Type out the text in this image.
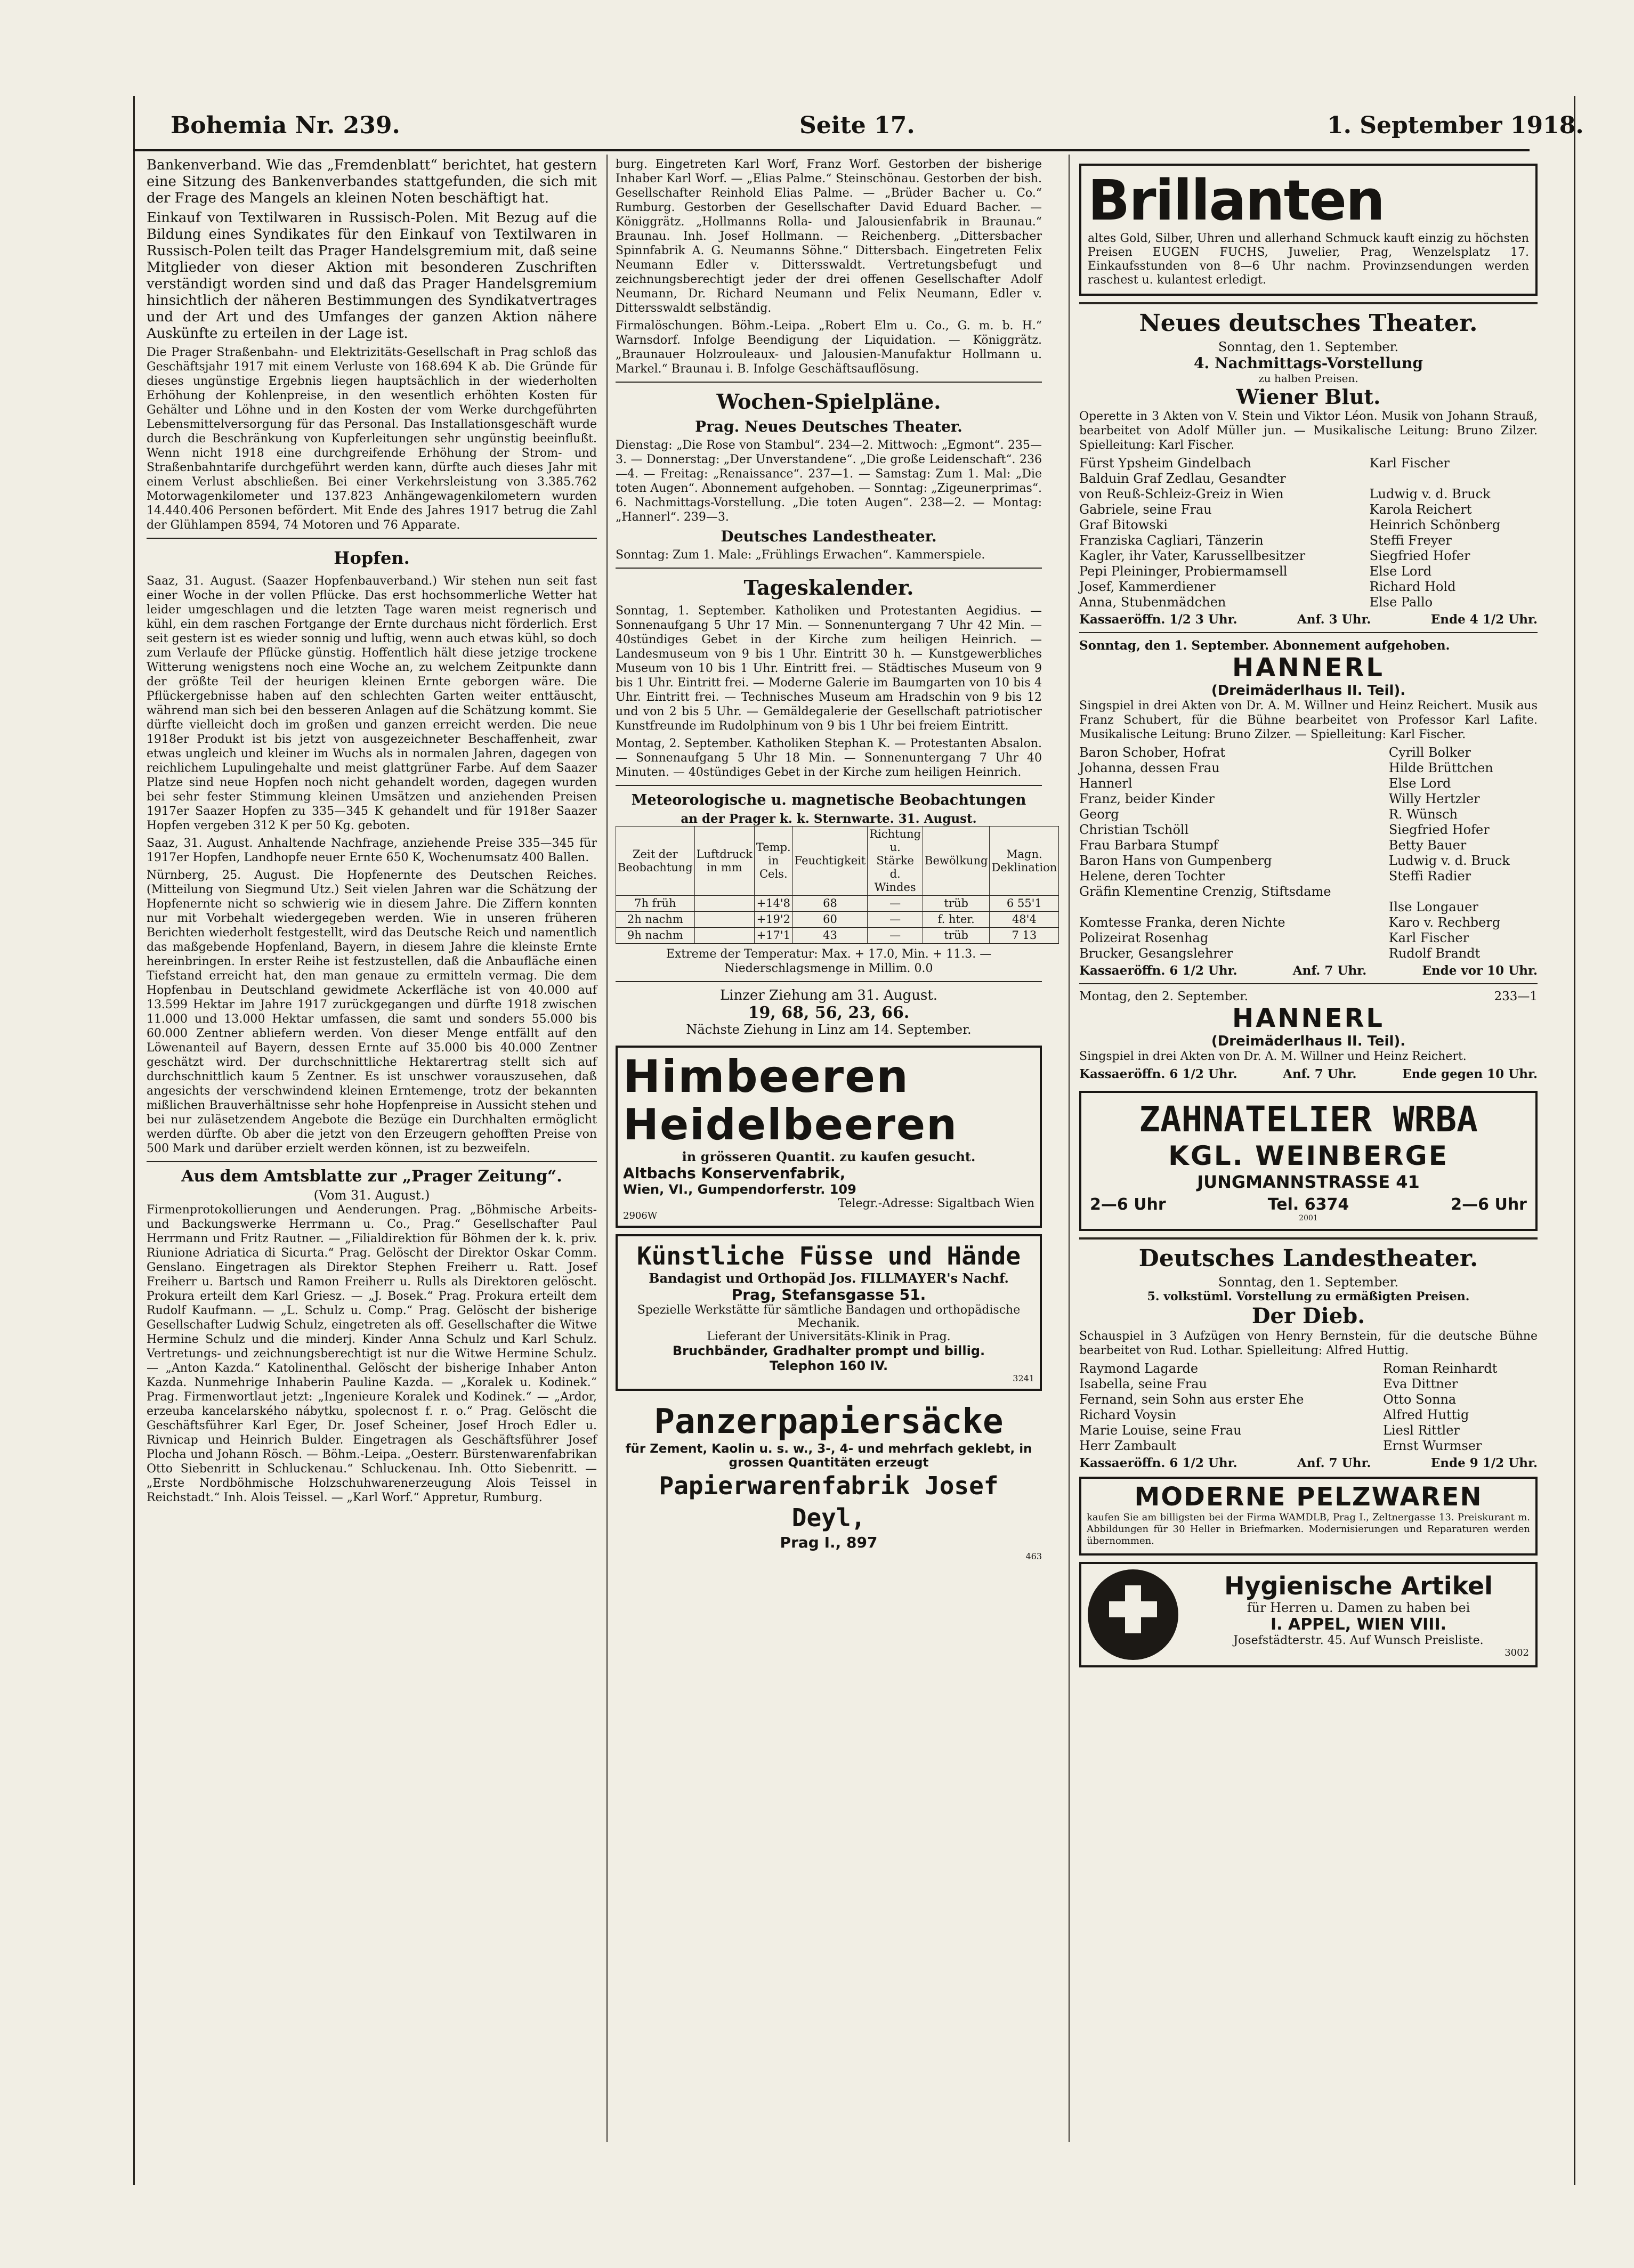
Bohemia Nr. 239.	Seite 17.	1. September 1918.

Bankenverband. Wie das „Fremdenblatt“ berichtet, hat gestern eine Sitzung des Bankenverbandes stattgefunden, die sich mit der Frage des Mangels an kleinen Noten beschäftigt hat.

Einkauf von Textilwaren in Russisch-Polen. Mit Bezug auf die Bildung eines Syndikates für den Einkauf von Textilwaren in Russisch-Polen teilt das Prager Handelsgremium mit, daß seine Mitglieder von dieser Aktion mit besonderen Zuschriften verständigt worden sind und daß das Prager Handelsgremium hinsichtlich der näheren Bestimmungen des Syndikatvertrages und der Art und des Umfanges der ganzen Aktion nähere Auskünfte zu erteilen in der Lage ist.

Die Prager Straßenbahn- und Elektrizitäts-Gesellschaft in Prag schloß das Geschäftsjahr 1917 mit einem Verluste von 168.694 K ab. Die Gründe für dieses ungünstige Ergebnis liegen hauptsächlich in der wiederholten Erhöhung der Kohlenpreise, in den wesentlich erhöhten Kosten für Gehälter und Löhne und in den Kosten der vom Werke durchgeführten Lebensmittelversorgung für das Personal. Das Installationsgeschäft wurde durch die Beschränkung von Kupferleitungen sehr ungünstig beeinflußt. Wenn nicht 1918 eine durchgreifende Erhöhung der Strom- und Straßenbahntarife durchgeführt werden kann, dürfte auch dieses Jahr mit einem Verlust abschließen. Bei einer Verkehrsleistung von 3.385.762 Motorwagenkilometer und 137.823 Anhängewagenkilometern wurden 14.440.406 Personen befördert. Mit Ende des Jahres 1917 betrug die Zahl der Glühlampen 8594, 74 Motoren und 76 Apparate.

Hopfen.

Saaz, 31. August. (Saazer Hopfenbauverband.) Wir stehen nun seit fast einer Woche in der vollen Pflücke. Das erst hochsommerliche Wetter hat leider umgeschlagen und die letzten Tage waren meist regnerisch und kühl, ein dem raschen Fortgange der Ernte durchaus nicht förderlich. Erst seit gestern ist es wieder sonnig und luftig, wenn auch etwas kühl, so doch zum Verlaufe der Pflücke günstig. Hoffentlich hält diese jetzige trockene Witterung wenigstens noch eine Woche an, zu welchem Zeitpunkte dann der größte Teil der heurigen kleinen Ernte geborgen wäre. Die Pflückergebnisse haben auf den schlechten Garten weiter enttäuscht, während man sich bei den besseren Anlagen auf die Schätzung kommt. Sie dürfte vielleicht doch im großen und ganzen erreicht werden. Die neue 1918er Produkt ist bis jetzt von ausgezeichneter Beschaffenheit, zwar etwas ungleich und kleiner im Wuchs als in normalen Jahren, dagegen von reichlichem Lupulingehalte und meist glattgrüner Farbe. Auf dem Saazer Platze sind neue Hopfen noch nicht gehandelt worden, dagegen wurden bei sehr fester Stimmung kleinen Umsätzen und anziehenden Preisen 1917er Saazer Hopfen zu 335—345 K gehandelt und für 1918er Saazer Hopfen vergeben 312 K per 50 Kg. geboten.

Saaz, 31. August. Anhaltende Nachfrage, anziehende Preise 335—345 für 1917er Hopfen, Landhopfe neuer Ernte 650 K, Wochenumsatz 400 Ballen.

Nürnberg, 25. August. Die Hopfenernte des Deutschen Reiches. (Mitteilung von Siegmund Utz.) Seit vielen Jahren war die Schätzung der Hopfenernte nicht so schwierig wie in diesem Jahre. Die Ziffern konnten nur mit Vorbehalt wiedergegeben werden. Wie in unseren früheren Berichten wiederholt festgestellt, wird das Deutsche Reich und namentlich das maßgebende Hopfenland, Bayern, in diesem Jahre die kleinste Ernte hereinbringen. In erster Reihe ist festzustellen, daß die Anbaufläche einen Tiefstand erreicht hat, den man genaue zu ermitteln vermag. Die dem Hopfenbau in Deutschland gewidmete Ackerfläche ist von 40.000 auf 13.599 Hektar im Jahre 1917 zurückgegangen und dürfte 1918 zwischen 11.000 und 13.000 Hektar umfassen, die samt und sonders 55.000 bis 60.000 Zentner abliefern werden. Von dieser Menge entfällt auf den Löwenanteil auf Bayern, dessen Ernte auf 35.000 bis 40.000 Zentner geschätzt wird. Der durchschnittliche Hektarertrag stellt sich auf durchschnittlich kaum 5 Zentner. Es ist unschwer vorauszusehen, daß angesichts der verschwindend kleinen Erntemenge, trotz der bekannten mißlichen Brauverhältnisse sehr hohe Hopfenpreise in Aussicht stehen und bei nur zuläsetzendem Angebote die Bezüge ein Durchhalten ermöglicht werden dürfte. Ob aber die jetzt von den Erzeugern gehofften Preise von 500 Mark und darüber erzielt werden können, ist zu bezweifeln.

Aus dem Amtsblatte zur „Prager Zeitung“.
(Vom 31. August.)

Firmenprotokollierungen und Aenderungen. Prag. „Böhmische Arbeits- und Backungswerke Herrmann u. Co., Prag.“ Gesellschafter Paul Herrmann und Fritz Rautner. — „Filialdirektion für Böhmen der k. k. priv. Riunione Adriatica di Sicurta.“ Prag. Gelöscht der Direktor Oskar Comm. Genslano. Eingetragen als Direktor Stephen Freiherr u. Ratt. Josef Freiherr u. Bartsch und Ramon Freiherr u. Rulls als Direktoren gelöscht. Prokura erteilt dem Karl Griesz. — „J. Bosek.“ Prag. Prokura erteilt dem Rudolf Kaufmann. — „L. Schulz u. Comp.“ Prag. Gelöscht der bisherige Gesellschafter Ludwig Schulz, eingetreten als off. Gesellschafter die Witwe Hermine Schulz und die minderj. Kinder Anna Schulz und Karl Schulz. Vertretungs- und zeichnungsberechtigt ist nur die Witwe Hermine Schulz. — „Anton Kazda.“ Katolinenthal. Gelöscht der bisherige Inhaber Anton Kazda. Nunmehrige Inhaberin Pauline Kazda. — „Koralek u. Kodinek.“ Prag. Firmenwortlaut jetzt: „Ingenieure Koralek und Kodinek.“ — „Ardor, erzeuba kancelarského nábytku, spolecnost f. r. o.“ Prag. Gelöscht die Geschäftsführer Karl Eger, Dr. Josef Scheiner, Josef Hroch Edler u. Rivnicap und Heinrich Bulder. Eingetragen als Geschäftsführer Josef Plocha und Johann Rösch. — Böhm.-Leipa. „Oesterr. Bürstenwarenfabrikan Otto Siebenritt in Schluckenau.“ Schluckenau. Inh. Otto Siebenritt. — „Erste Nordböhmische Holzschuhwarenerzeugung Alois Teissel in Reichstadt.“ Inh. Alois Teissel. — „Karl Worf.“ Appretur, Rumburg.

burg. Eingetreten Karl Worf, Franz Worf. Gestorben der bisherige Inhaber Karl Worf. — „Elias Palme.“ Steinschönau. Gestorben der bish. Gesellschafter Reinhold Elias Palme. — „Brüder Bacher u. Co.“ Rumburg. Gestorben der Gesellschafter David Eduard Bacher. — Königgrätz. „Hollmanns Rolla- und Jalousienfabrik in Braunau.“ Braunau. Inh. Josef Hollmann. — Reichenberg. „Dittersbacher Spinnfabrik A. G. Neumanns Söhne.“ Dittersbach. Eingetreten Felix Neumann Edler v. Dittersswaldt. Vertretungsbefugt und zeichnungsberechtigt jeder der drei offenen Gesellschafter Adolf Neumann, Dr. Richard Neumann und Felix Neumann, Edler v. Dittersswaldt selbständig.

Firmalöschungen. Böhm.-Leipa. „Robert Elm u. Co., G. m. b. H.“ Warnsdorf. Infolge Beendigung der Liquidation. — Königgrätz. „Braunauer Holzrouleaux- und Jalousien-Manufaktur Hollmann u. Markel.“ Braunau i. B. Infolge Geschäftsauflösung.

Wochen-Spielpläne.
Prag. Neues Deutsches Theater.

Dienstag: „Die Rose von Stambul“. 234—2. Mittwoch: „Egmont“. 235—3. — Donnerstag: „Der Unverstandene“. „Die große Leidenschaft“. 236—4. — Freitag: „Renaissance“. 237—1. — Samstag: Zum 1. Mal: „Die toten Augen“. Abonnement aufgehoben. — Sonntag: „Zigeunerprimas“. 6. Nachmittags-Vorstellung. „Die toten Augen“. 238—2. — Montag: „Hannerl“. 239—3.

Deutsches Landestheater.

Sonntag: Zum 1. Male: „Frühlings Erwachen“. Kammerspiele.

Tageskalender.

Sonntag, 1. September. Katholiken und Protestanten Aegidius. — Sonnenaufgang 5 Uhr 17 Min. — Sonnenuntergang 7 Uhr 42 Min. — 40stündiges Gebet in der Kirche zum heiligen Heinrich. — Landesmuseum von 9 bis 1 Uhr. Eintritt 30 h. — Kunstgewerbliches Museum von 10 bis 1 Uhr. Eintritt frei. — Städtisches Museum von 9 bis 1 Uhr. Eintritt frei. — Moderne Galerie im Baumgarten von 10 bis 4 Uhr. Eintritt frei. — Technisches Museum am Hradschin von 9 bis 12 und von 2 bis 5 Uhr. — Gemäldegalerie der Gesellschaft patriotischer Kunstfreunde im Rudolphinum von 9 bis 1 Uhr bei freiem Eintritt.

Montag, 2. September. Katholiken Stephan K. — Protestanten Absalon. — Sonnenaufgang 5 Uhr 18 Min. — Sonnenuntergang 7 Uhr 40 Minuten. — 40stündiges Gebet in der Kirche zum heiligen Heinrich.

Meteorologische u. magnetische Beobachtungen
an der Prager k. k. Sternwarte. 31. August.
Zeit der Beobachtung	Luftdruck in mm	Temp. in Cels.	Feuchtigkeit	Richtung u. Stärke d. Windes	Bewölkung	Magn. Deklination
7h früh		+14'8	68	—	trüb	6 55'1
2h nachm		+19'2	60	—	f. hter.	48'4
9h nachm		+17'1	43	—	trüb	7 13

Extreme der Temperatur: Max. + 17.0, Min. + 11.3. — Niederschlagsmenge in Millim. 0.0

Linzer Ziehung am 31. August.
19, 68, 56, 23, 66.
Nächste Ziehung in Linz am 14. September.
Himbeeren
Heidelbeeren
in grösseren Quantit. zu kaufen gesucht.
Altbachs Konservenfabrik,
Wien, VI., Gumpendorferstr. 109
Telegr.-Adresse: Sigaltbach Wien
2906W
Künstliche Füsse und Hände
Bandagist und Orthopäd Jos. FILLMAYER's Nachf.
Prag, Stefansgasse 51.
Spezielle Werkstätte für sämtliche Bandagen und orthopädische Mechanik.
Lieferant der Universitäts-Klinik in Prag.
Bruchbänder, Gradhalter prompt und billig.
Telephon 160 IV.
3241
Panzerpapiersäcke
für Zement, Kaolin u. s. w., 3-, 4- und mehrfach geklebt, in grossen Quantitäten erzeugt
Papierwarenfabrik Josef Deyl,
Prag I., 897
463
Brillanten

altes Gold, Silber, Uhren und allerhand Schmuck kauft einzig zu höchsten Preisen EUGEN FUCHS, Juwelier, Prag, Wenzelsplatz 17. Einkaufsstunden von 8—6 Uhr nachm. Provinzsendungen werden raschest u. kulantest erledigt.

Neues deutsches Theater.
Sonntag, den 1. September.
4. Nachmittags-Vorstellung
zu halben Preisen.
Wiener Blut.

Operette in 3 Akten von V. Stein und Viktor Léon. Musik von Johann Strauß, bearbeitet von Adolf Müller jun. — Musikalische Leitung: Bruno Zilzer. Spielleitung: Karl Fischer.

Fürst Ypsheim Gindelbach	Karl Fischer
Balduin Graf Zedlau, Gesandter	
von Reuß-Schleiz-Greiz in Wien	Ludwig v. d. Bruck
Gabriele, seine Frau	Karola Reichert
Graf Bitowski	Heinrich Schönberg
Franziska Cagliari, Tänzerin	Steffi Freyer
Kagler, ihr Vater, Karussellbesitzer	Siegfried Hofer
Pepi Pleininger, Probiermamsell	Else Lord
Josef, Kammerdiener	Richard Hold
Anna, Stubenmädchen	Else Pallo
Kassaeröffn. 1/2 3 Uhr.	Anf. 3 Uhr.	Ende 4 1/2 Uhr.
Sonntag, den 1. September. Abonnement aufgehoben.
HANNERL
(Dreimäderlhaus II. Teil).

Singspiel in drei Akten von Dr. A. M. Willner und Heinz Reichert. Musik aus Franz Schubert, für die Bühne bearbeitet von Professor Karl Lafite. Musikalische Leitung: Bruno Zilzer. — Spielleitung: Karl Fischer.

Baron Schober, Hofrat	Cyrill Bolker
Johanna, dessen Frau	Hilde Brüttchen
Hannerl	Else Lord
Franz, beider Kinder	Willy Hertzler
Georg	R. Wünsch
Christian Tschöll	Siegfried Hofer
Frau Barbara Stumpf	Betty Bauer
Baron Hans von Gumpenberg	Ludwig v. d. Bruck
Helene, deren Tochter	Steffi Radier
Gräfin Klementine Crenzig, Stiftsdame	
	Ilse Longauer
Komtesse Franka, deren Nichte	Karo v. Rechberg
Polizeirat Rosenhag	Karl Fischer
Brucker, Gesangslehrer	Rudolf Brandt
Kassaeröffn. 6 1/2 Uhr.	Anf. 7 Uhr.	Ende vor 10 Uhr.
Montag, den 2. September.	233—1
HANNERL
(Dreimäderlhaus II. Teil).

Singspiel in drei Akten von Dr. A. M. Willner und Heinz Reichert.

Kassaeröffn. 6 1/2 Uhr.	Anf. 7 Uhr.	Ende gegen 10 Uhr.
ZAHNATELIER WRBA
KGL. WEINBERGE
JUNGMANNSTRASSE 41
2—6 Uhr	Tel. 6374	2—6 Uhr
2001
Deutsches Landestheater.
Sonntag, den 1. September.
5. volkstüml. Vorstellung zu ermäßigten Preisen.
Der Dieb.

Schauspiel in 3 Aufzügen von Henry Bernstein, für die deutsche Bühne bearbeitet von Rud. Lothar. Spielleitung: Alfred Huttig.

Raymond Lagarde	Roman Reinhardt
Isabella, seine Frau	Eva Dittner
Fernand, sein Sohn aus erster Ehe	Otto Sonna
Richard Voysin	Alfred Huttig
Marie Louise, seine Frau	Liesl Rittler
Herr Zambault	Ernst Wurmser
Kassaeröffn. 6 1/2 Uhr.	Anf. 7 Uhr.	Ende 9 1/2 Uhr.
MODERNE PELZWAREN

kaufen Sie am billigsten bei der Firma WAMDLB, Prag I., Zeltnergasse 13. Preiskurant m. Abbildungen für 30 Heller in Briefmarken. Modernisierungen und Reparaturen werden übernommen.

Hygienische Artikel
für Herren u. Damen zu haben bei
I. APPEL, WIEN VIII.
Josefstädterstr. 45. Auf Wunsch Preisliste.
3002
